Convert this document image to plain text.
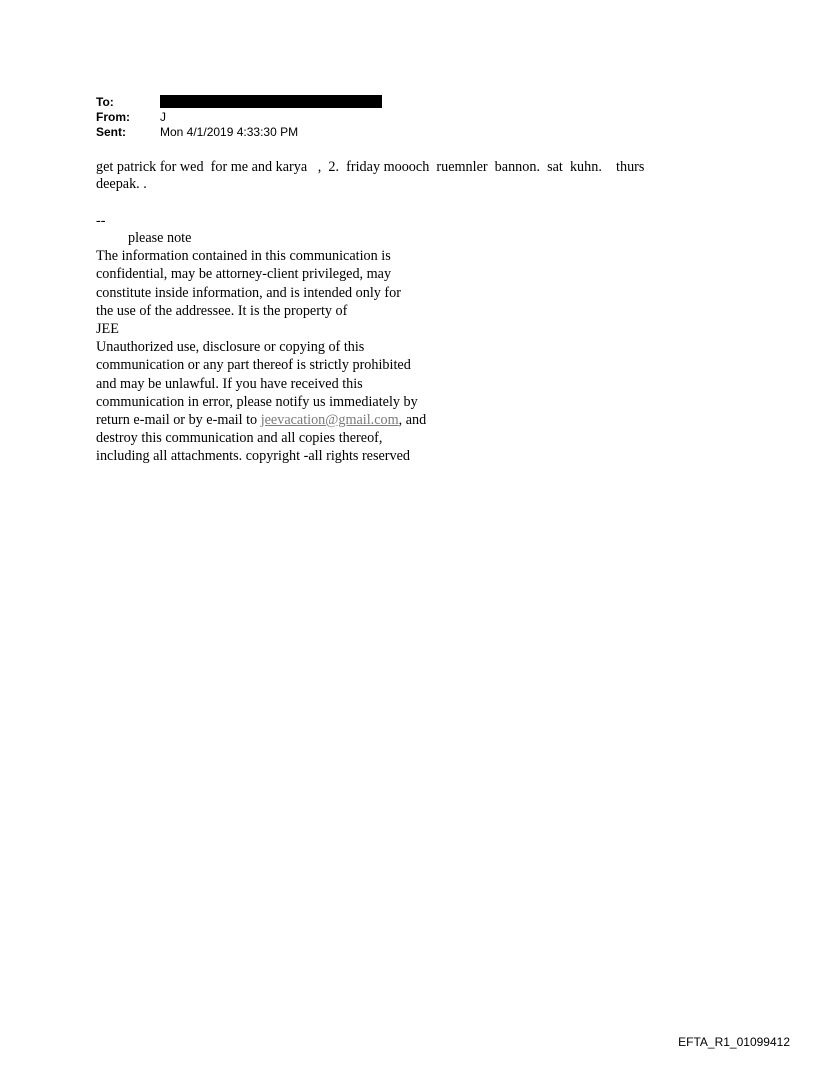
To:
From:	J
Sent:	Mon 4/1/2019 4:33:30 PM
get patrick for wed  for me and karya   ,  2.  friday moooch  ruemnler  bannon.  sat  kuhn.    thurs
deepak. .
--
please note
The information contained in this communication is
confidential, may be attorney-client privileged, may
constitute inside information, and is intended only for
the use of the addressee. It is the property of
JEE
Unauthorized use, disclosure or copying of this
communication or any part thereof is strictly prohibited
and may be unlawful. If you have received this
communication in error, please notify us immediately by
return e-mail or by e-mail to jeevacation@gmail.com, and
destroy this communication and all copies thereof,
including all attachments. copyright -all rights reserved
EFTA_R1_01099412
